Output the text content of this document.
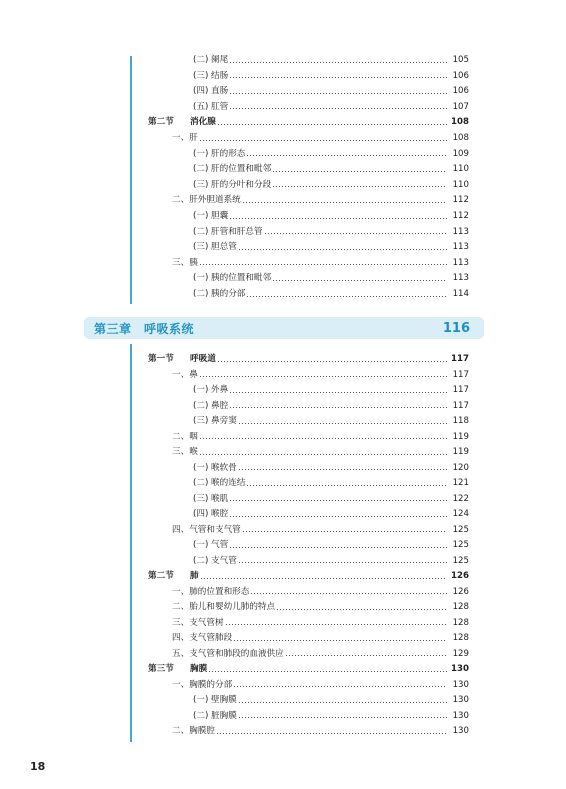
(二) 阑尾	105
(三) 结肠	106
(四) 直肠	106
(五) 肛管	107
第二节 消化腺	108
一、肝	108
(一) 肝的形态	109
(二) 肝的位置和毗邻	110
(三) 肝的分叶和分段	110
二、肝外胆道系统	112
(一) 胆囊	112
(二) 肝管和肝总管	113
(三) 胆总管	113
三、胰	113
(一) 胰的位置和毗邻	113
(二) 胰的分部	114
第三章　呼吸系统	116
第一节 呼吸道	117
一、鼻	117
(一) 外鼻	117
(二) 鼻腔	117
(三) 鼻旁窦	118
二、咽	119
三、喉	119
(一) 喉软骨	120
(二) 喉的连结	121
(三) 喉肌	122
(四) 喉腔	124
四、气管和支气管	125
(一) 气管	125
(二) 支气管	125
第二节 肺	126
一、肺的位置和形态	126
二、胎儿和婴幼儿肺的特点	128
三、支气管树	128
四、支气管肺段	128
五、支气管和肺段的血液供应	129
第三节 胸膜	130
一、胸膜的分部	130
(一) 壁胸膜	130
(二) 脏胸膜	130
二、胸膜腔	130
18
